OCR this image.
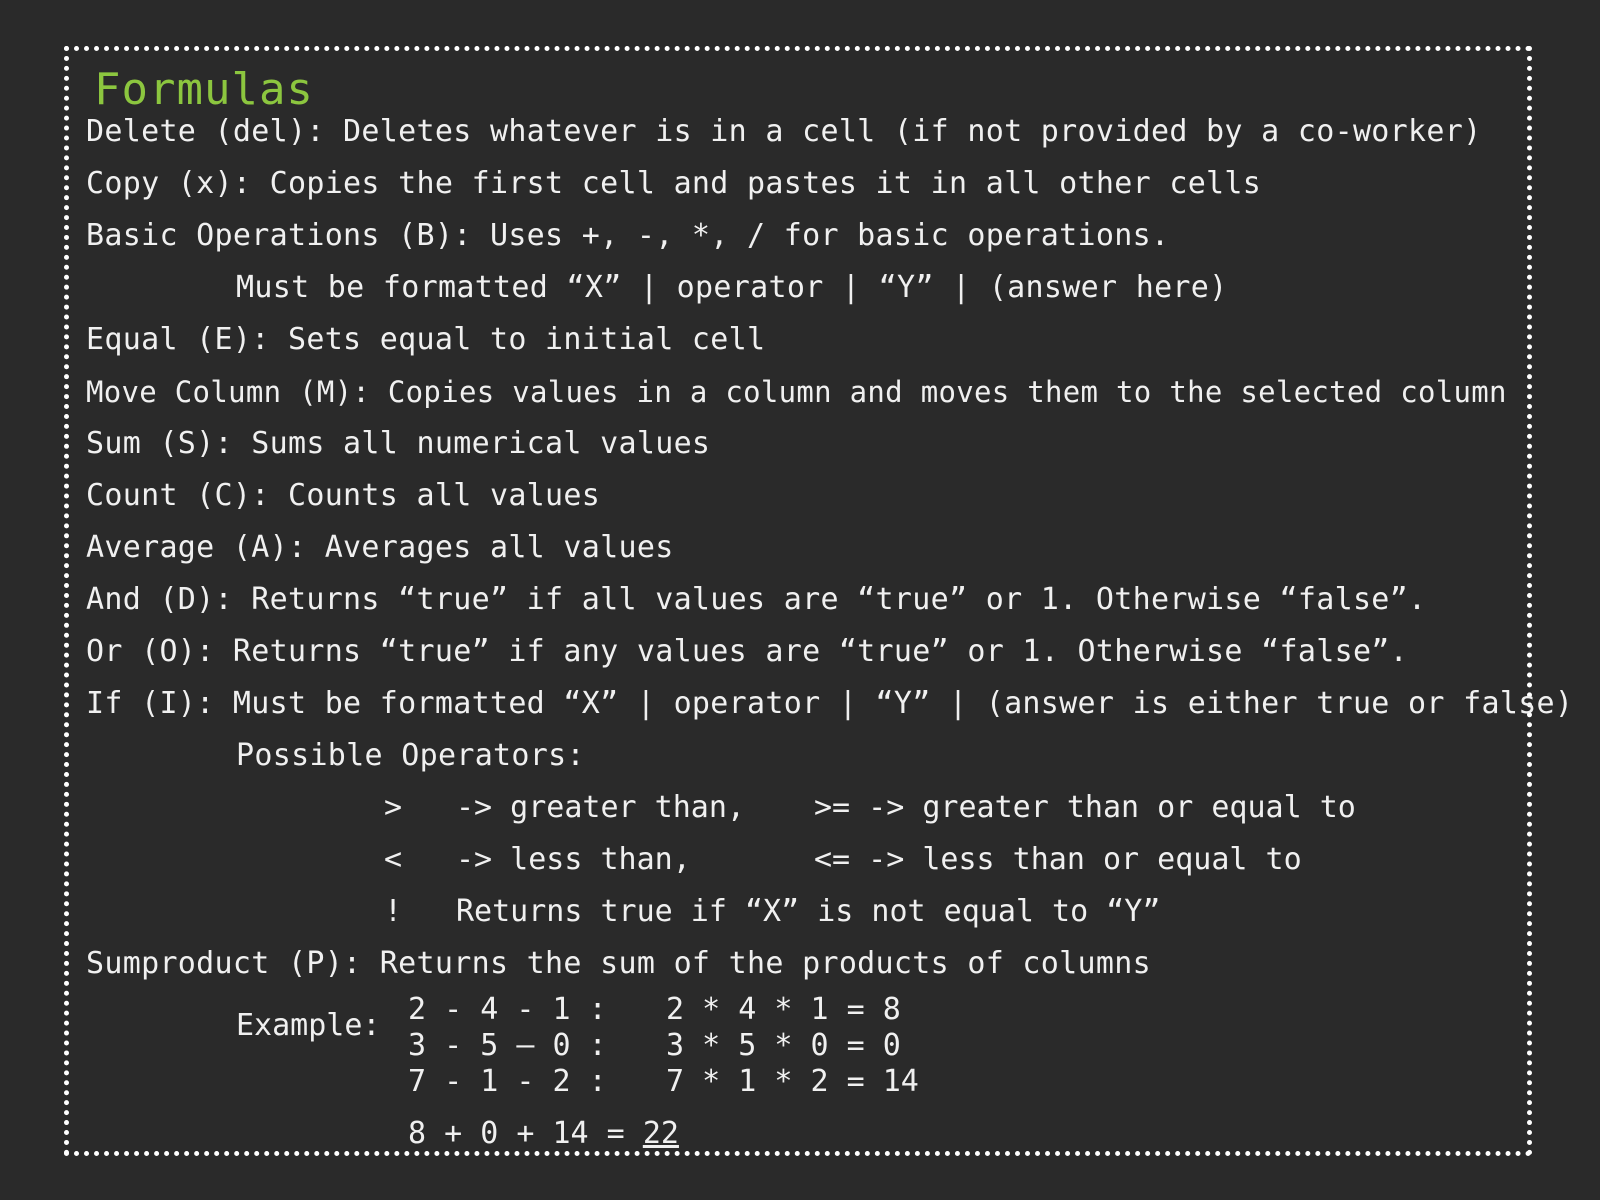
Formulas
Delete (del): Deletes whatever is in a cell (if not provided by a co-worker)
Copy (x): Copies the first cell and pastes it in all other cells
Basic Operations (B): Uses +, -, *, / for basic operations.
Must be formatted “X” | operator | “Y” | (answer here)
Equal (E): Sets equal to initial cell
Move Column (M): Copies values in a column and moves them to the selected column
Sum (S): Sums all numerical values
Count (C): Counts all values
Average (A): Averages all values
And (D): Returns “true” if all values are “true” or 1. Otherwise “false”.
Or (O): Returns “true” if any values are “true” or 1. Otherwise “false”.
If (I): Must be formatted “X” | operator | “Y” | (answer is either true or false)
Possible Operators:
> -> greater than, >= -> greater than or equal to
< -> less than,	<= -> less than or equal to
! Returns true if “X” is not equal to “Y”
Sumproduct (P): Returns the sum of the products of columns
Example: 2 - 4 - 1 : 2 * 4 * 1 = 8
3 - 5 – 0 : 3 * 5 * 0 = 0
7 - 1 - 2 : 7 * 1 * 2 = 14
8 + 0 + 14 = 22
